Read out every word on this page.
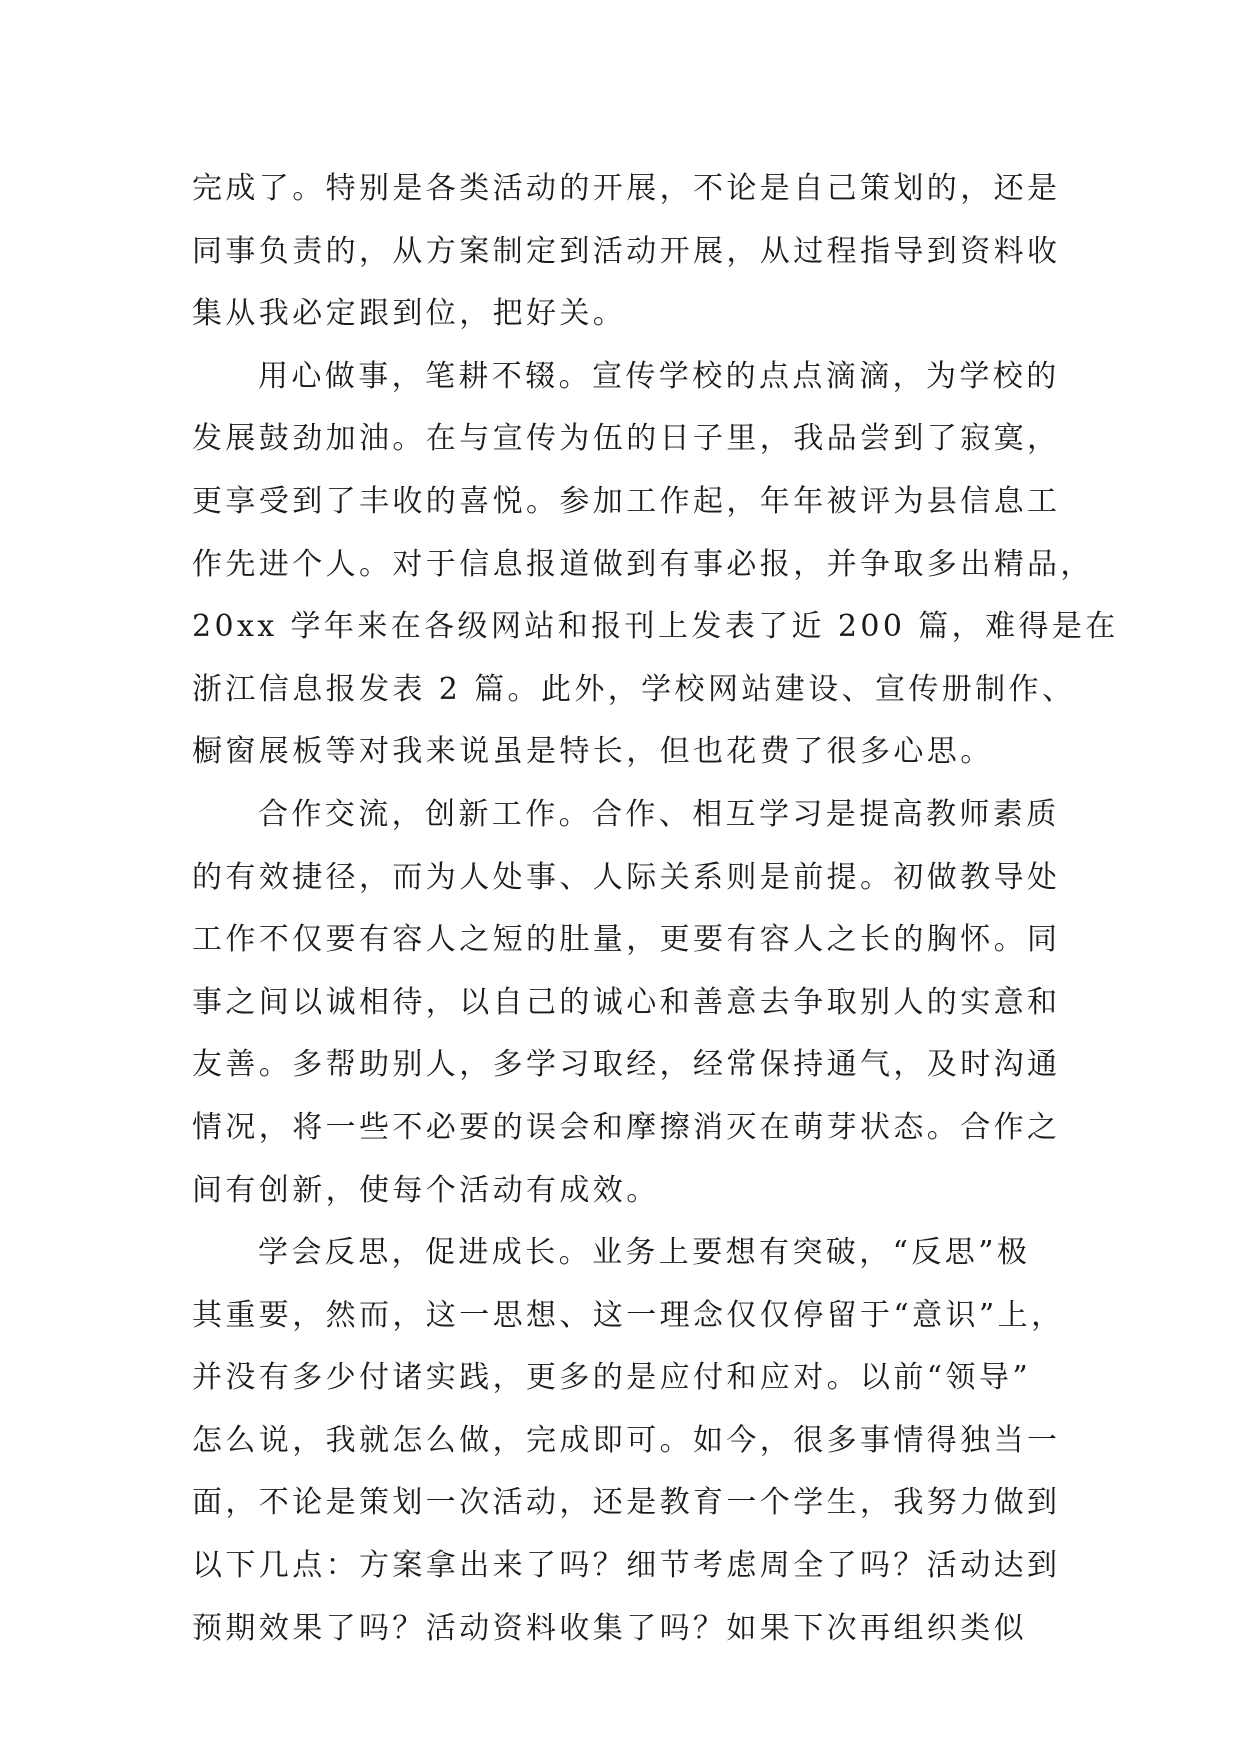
完成了。特别是各类活动的开展，不论是自己策划的，还是
同事负责的，从方案制定到活动开展，从过程指导到资料收
集从我必定跟到位，把好关。
用心做事，笔耕不辍。宣传学校的点点滴滴，为学校的
发展鼓劲加油。在与宣传为伍的日子里，我品尝到了寂寞，
更享受到了丰收的喜悦。参加工作起，年年被评为县信息工
作先进个人。对于信息报道做到有事必报，并争取多出精品，
20xx 学年来在各级网站和报刊上发表了近 200 篇，难得是在
浙江信息报发表 2 篇。此外，学校网站建设、宣传册制作、
橱窗展板等对我来说虽是特长，但也花费了很多心思。
合作交流，创新工作。合作、相互学习是提高教师素质
的有效捷径，而为人处事、人际关系则是前提。初做教导处
工作不仅要有容人之短的肚量，更要有容人之长的胸怀。同
事之间以诚相待，以自己的诚心和善意去争取别人的实意和
友善。多帮助别人，多学习取经，经常保持通气，及时沟通
情况，将一些不必要的误会和摩擦消灭在萌芽状态。合作之
间有创新，使每个活动有成效。
学会反思，促进成长。业务上要想有突破，“反思”极
其重要，然而，这一思想、这一理念仅仅停留于“意识”上，
并没有多少付诸实践，更多的是应付和应对。以前“领导”
怎么说，我就怎么做，完成即可。如今，很多事情得独当一
面，不论是策划一次活动，还是教育一个学生，我努力做到
以下几点：方案拿出来了吗？细节考虑周全了吗？活动达到
预期效果了吗？活动资料收集了吗？如果下次再组织类似
